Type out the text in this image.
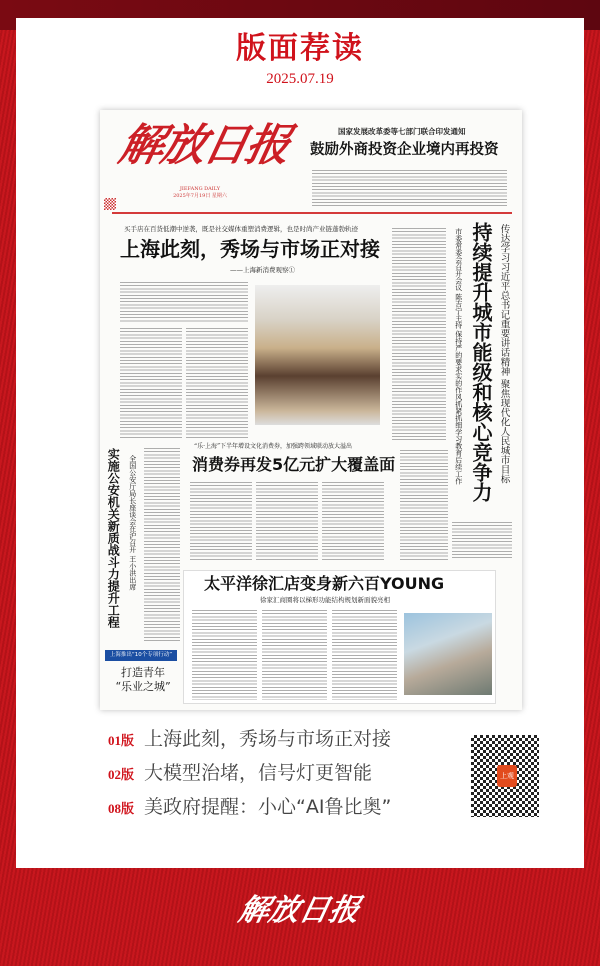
版面荐读
2025.07.19
解放日报
JIEFANG DAILY
2025年7月19日 星期六
国家发展改革委等七部门联合印发通知
鼓励外商投资企业境内再投资
买手店在百货低潮中逆袭，既是社交媒体重塑消费逻辑，也是时尚产业链蓬勃轨迹
上海此刻，秀场与市场正对接
——上海新消费观察①	传达学习习近平总书记重要讲话精神 聚焦现代化人民城市目标
持续提升城市能级和核心竞争力
市委常委会召开会议 陈吉宁主持 保持严的要求实的作风抓紧抓细学习教育后续工作
实施公安机关新质战斗力提升工程 全国公安厅局长座谈会在沪召开 王小洪出席
上海推出“10个专项行动”
打造青年
“乐业之城”
“乐·上海”下半年增设文化消费券，加强跨领域联动放大溢出
消费券再发5亿元扩大覆盖面
太平洋徐汇店变身新六百YOUNG
徐家汇商圈将以梯形功能结构规划新面貌亮相
01版 上海此刻，秀场与市场正对接
02版 大模型治堵，信号灯更智能
08版 美政府提醒：小心“AI鲁比奥”
上观
解放日报
